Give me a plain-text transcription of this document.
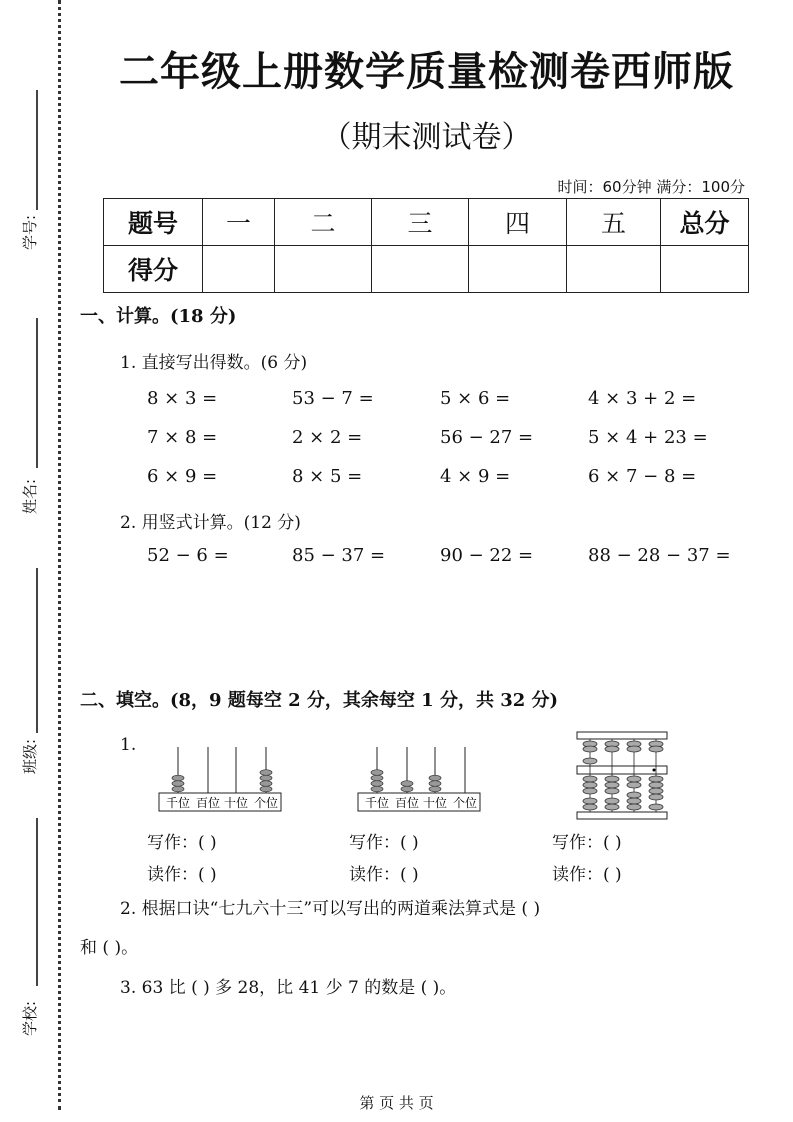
学号:
姓名:
班级:
学校:
二年级上册数学质量检测卷西师版
（期末测试卷）
时间：60分钟 满分：100分
题号	一	二	三	四	五	总分
得分						
一、计算。(18 分)
1. 直接写出得数。(6 分)
8 × 3 =	53 − 7 =	5 × 6 =	4 × 3 + 2 =
7 × 8 =	2 × 2 =	56 − 27 =	5 × 4 + 23 =
6 × 9 =	8 × 5 =	4 × 9 =	6 × 7 − 8 =
2. 用竖式计算。(12 分)
52 − 6 =	85 − 37 =	90 − 22 =	88 − 28 − 37 =
二、填空。(8，9 题每空 2 分，其余每空 1 分，共 32 分)
1.
千位 百位 十位 个位	千位 百位 十位 个位
写作：( )	写作：( )	写作：( )
读作：( )	读作：( )	读作：( )
2. 根据口诀“七九六十三”可以写出的两道乘法算式是 ( )
和 ( )。
3. 63 比 ( ) 多 28，比 41 少 7 的数是 ( )。
第 页 共 页
